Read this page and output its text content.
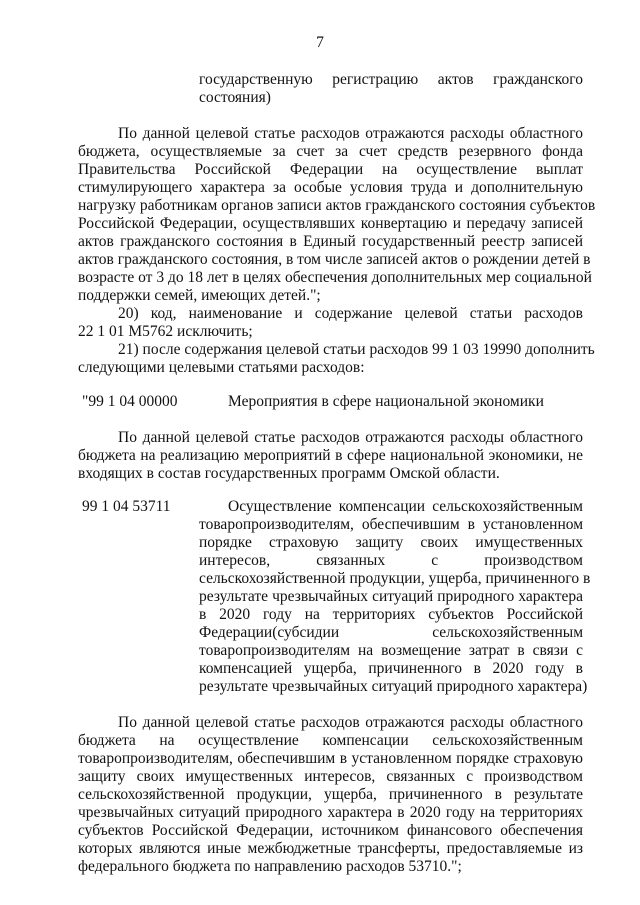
7
государственную регистрацию актов гражданского
состояния)
По данной целевой статье расходов отражаются расходы областного
бюджета, осуществляемые за счет за счет средств резервного фонда
Правительства Российской Федерации на осуществление выплат
стимулирующего характера за особые условия труда и дополнительную
нагрузку работникам органов записи актов гражданского состояния субъектов
Российской Федерации, осуществлявших конвертацию и передачу записей
актов гражданского состояния в Единый государственный реестр записей
актов гражданского состояния, в том числе записей актов о рождении детей в
возрасте от 3 до 18 лет в целях обеспечения дополнительных мер социальной
поддержки семей, имеющих детей.";
20) код, наименование и содержание целевой статьи расходов
22 1 01 М5762 исключить;
21) после содержания целевой статьи расходов 99 1 03 19990 дополнить
следующими целевыми статьями расходов:
"99 1 04 00000	Мероприятия в сфере национальной экономики
По данной целевой статье расходов отражаются расходы областного
бюджета на реализацию мероприятий в сфере национальной экономики, не
входящих в состав государственных программ Омской области.
99 1 04 53711	Осуществление компенсации сельскохозяйственным
товаропроизводителям, обеспечившим в установленном
порядке страховую защиту своих имущественных
интересов, связанных с производством
сельскохозяйственной продукции, ущерба, причиненного в
результате чрезвычайных ситуаций природного характера
в 2020 году на территориях субъектов Российской
Федерации(субсидии сельскохозяйственным
товаропроизводителям на возмещение затрат в связи с
компенсацией ущерба, причиненного в 2020 году в
результате чрезвычайных ситуаций природного характера)
По данной целевой статье расходов отражаются расходы областного
бюджета на осуществление компенсации сельскохозяйственным
товаропроизводителям, обеспечившим в установленном порядке страховую
защиту своих имущественных интересов, связанных с производством
сельскохозяйственной продукции, ущерба, причиненного в результате
чрезвычайных ситуаций природного характера в 2020 году на территориях
субъектов Российской Федерации, источником финансового обеспечения
которых являются иные межбюджетные трансферты, предоставляемые из
федерального бюджета по направлению расходов 53710.";
